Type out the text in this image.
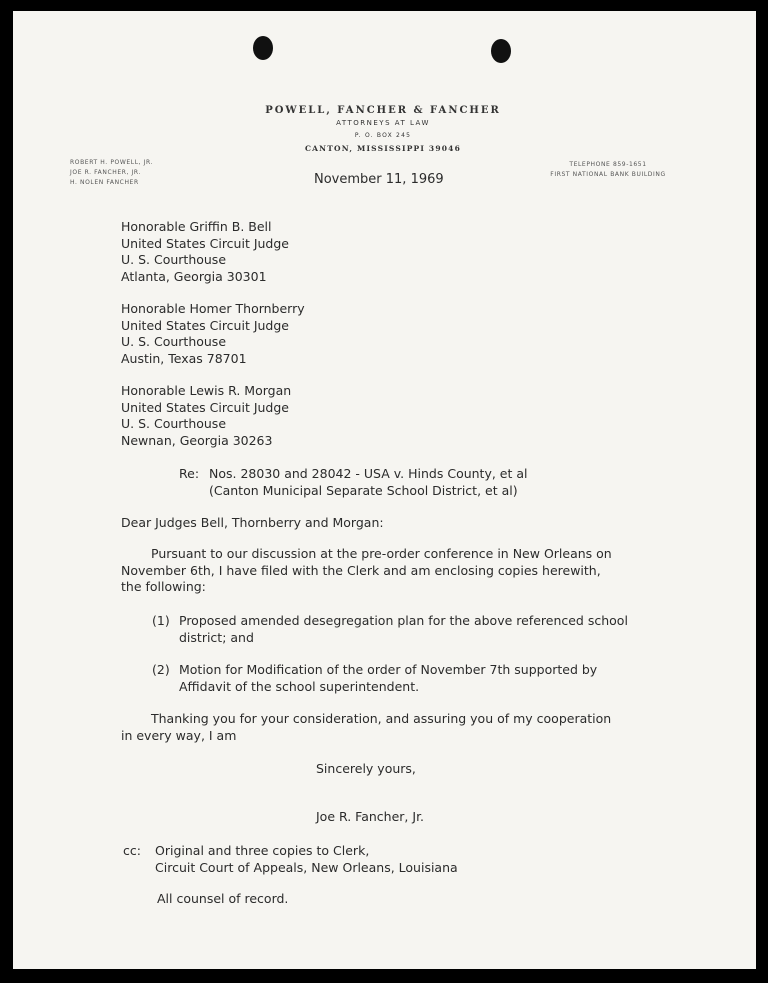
POWELL, FANCHER & FANCHER
ATTORNEYS AT LAW
P. O. BOX 245
CANTON, MISSISSIPPI 39046
ROBERT H. POWELL, JR.
JOE R. FANCHER, JR.
H. NOLEN FANCHER
TELEPHONE 859-1651
FIRST NATIONAL BANK BUILDING
November 11, 1969
Honorable Griffin B. Bell
United States Circuit Judge
U. S. Courthouse
Atlanta, Georgia 30301
Honorable Homer Thornberry
United States Circuit Judge
U. S. Courthouse
Austin, Texas 78701
Honorable Lewis R. Morgan
United States Circuit Judge
U. S. Courthouse
Newnan, Georgia 30263
Re: Nos. 28030 and 28042 - USA v. Hinds County, et al
(Canton Municipal Separate School District, et al)
Dear Judges Bell, Thornberry and Morgan:
Pursuant to our discussion at the pre-order conference in New Orleans on
November 6th, I have filed with the Clerk and am enclosing copies herewith,
the following:
(1) Proposed amended desegregation plan for the above referenced school
district; and
(2) Motion for Modification of the order of November 7th supported by
Affidavit of the school superintendent.
Thanking you for your consideration, and assuring you of my cooperation
in every way, I am
Sincerely yours,
Joe R. Fancher, Jr.
cc: Original and three copies to Clerk,
Circuit Court of Appeals, New Orleans, Louisiana
All counsel of record.
